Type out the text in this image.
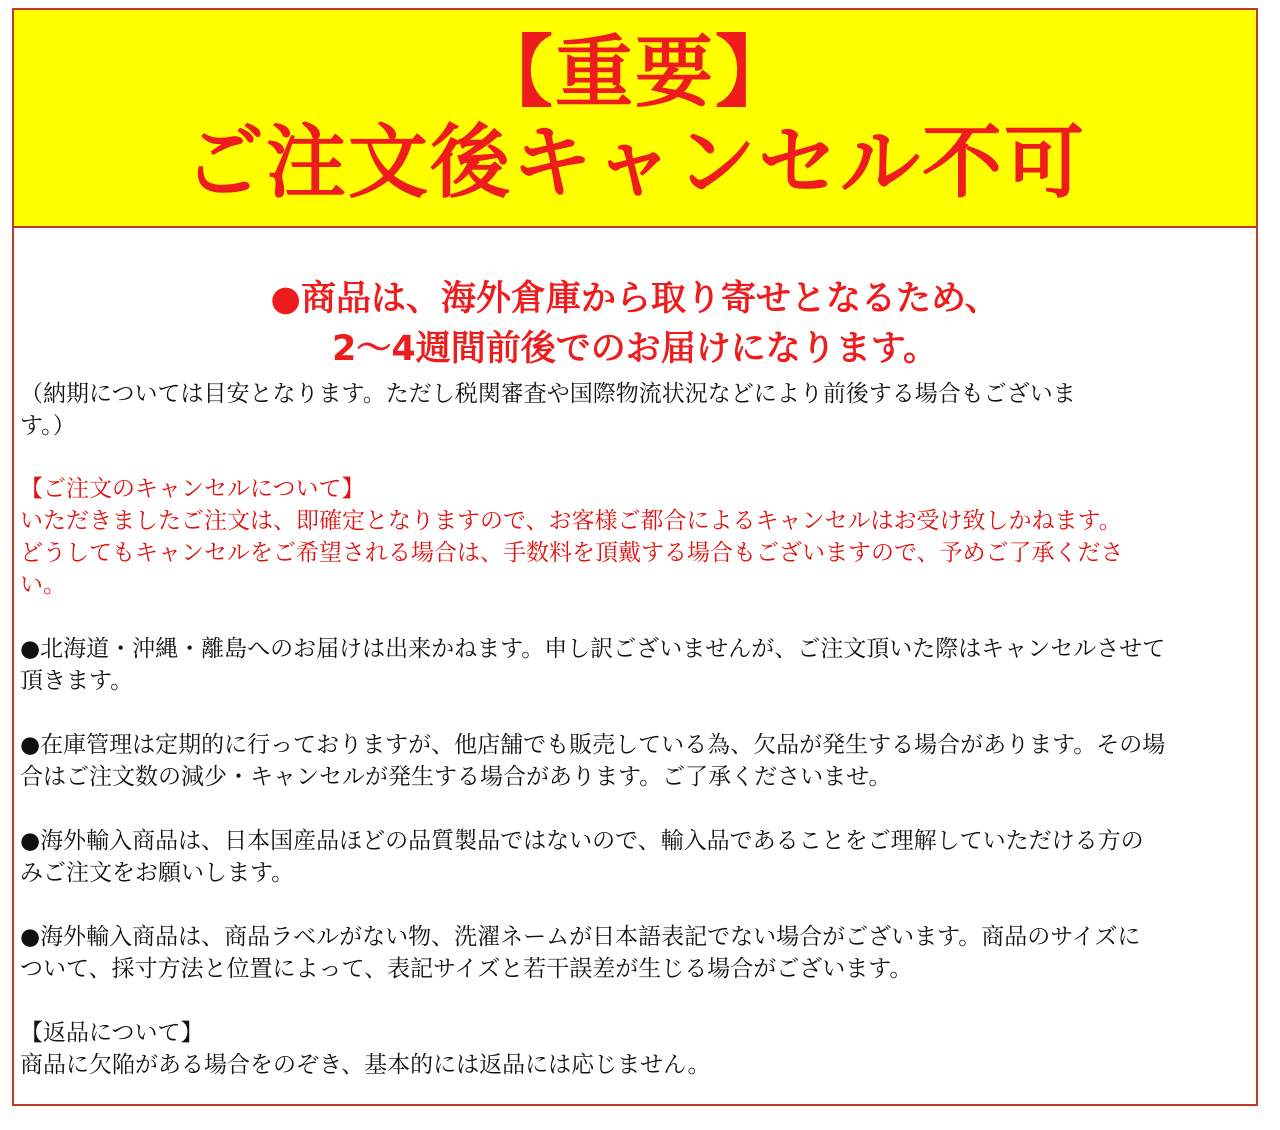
【重要】
ご注文後キャンセル不可
●商品は、海外倉庫から取り寄せとなるため、
2～4週間前後でのお届けになります。
（納期については目安となります。ただし税関審査や国際物流状況などにより前後する場合もございま
す。）
【ご注文のキャンセルについて】
いただきましたご注文は、即確定となりますので、お客様ご都合によるキャンセルはお受け致しかねます。
どうしてもキャンセルをご希望される場合は、手数料を頂戴する場合もございますので、予めご了承くださ
い。
●北海道・沖縄・離島へのお届けは出来かねます。申し訳ございませんが、ご注文頂いた際はキャンセルさせて
頂きます。
●在庫管理は定期的に行っておりますが、他店舗でも販売している為、欠品が発生する場合があります。その場
合はご注文数の減少・キャンセルが発生する場合があります。ご了承くださいませ。
●海外輸入商品は、日本国産品ほどの品質製品ではないので、輸入品であることをご理解していただける方の
みご注文をお願いします。
●海外輸入商品は、商品ラベルがない物、洗濯ネームが日本語表記でない場合がございます。商品のサイズに
ついて、採寸方法と位置によって、表記サイズと若干誤差が生じる場合がございます。
【返品について】
商品に欠陥がある場合をのぞき、基本的には返品には応じません。
